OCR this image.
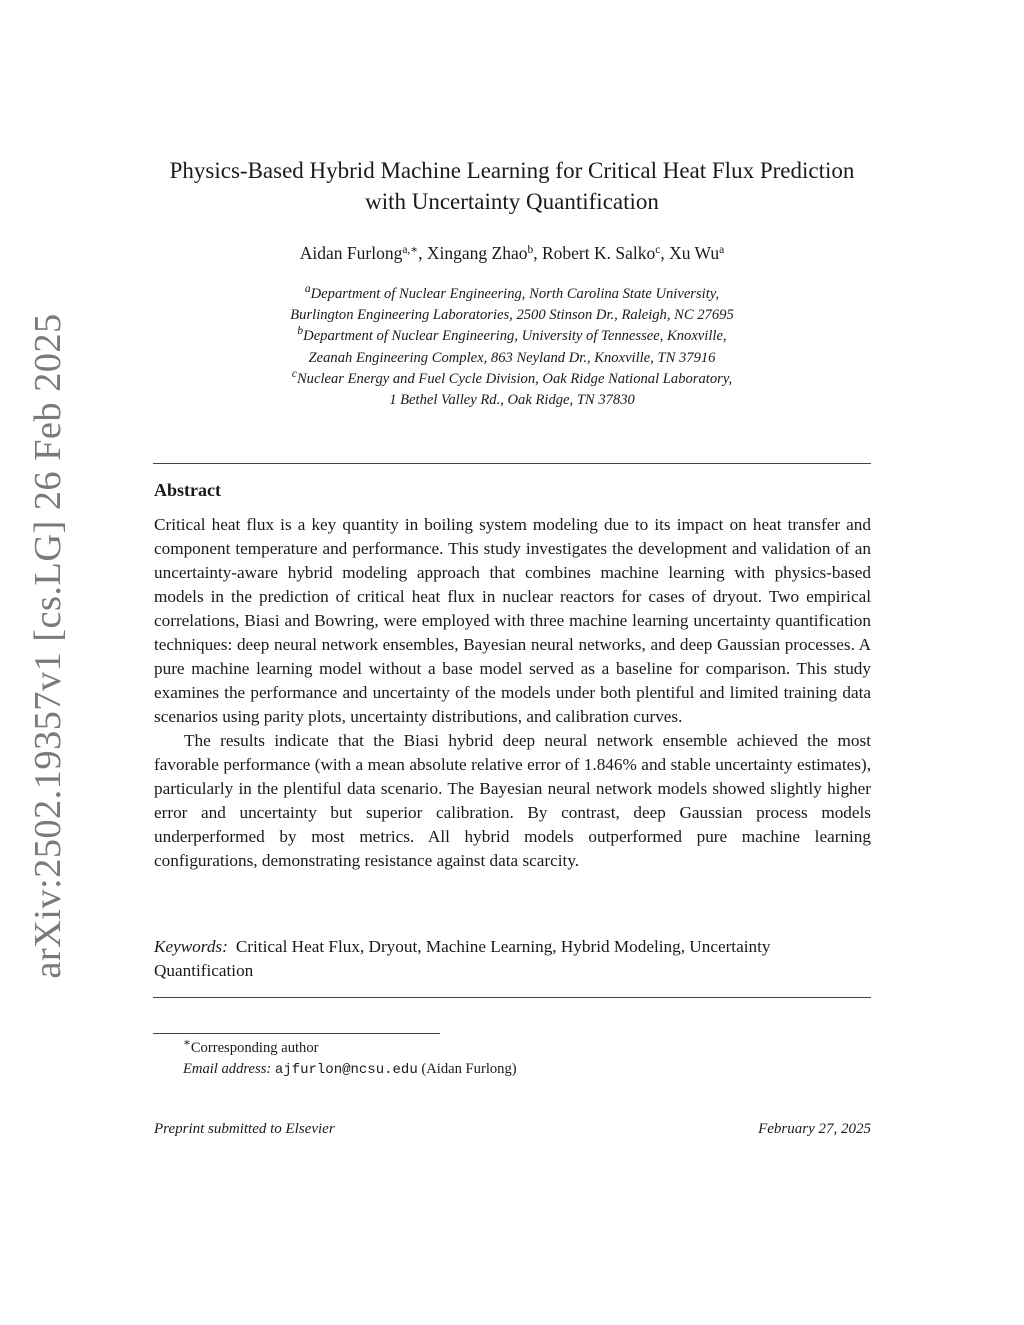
arXiv:2502.19357v1 [cs.LG] 26 Feb 2025
Physics-Based Hybrid Machine Learning for Critical Heat Flux Prediction
with Uncertainty Quantification
Aidan Furlong$^{a,∗}$, Xingang Zhao$^b$, Robert K. Salko$^c$, Xu Wu$^a$
$^a$Department of Nuclear Engineering, North Carolina State University,
Burlington Engineering Laboratories, 2500 Stinson Dr., Raleigh, NC 27695
$^b$Department of Nuclear Engineering, University of Tennessee, Knoxville,
Zeanah Engineering Complex, 863 Neyland Dr., Knoxville, TN 37916
$^c$Nuclear Energy and Fuel Cycle Division, Oak Ridge National Laboratory,
1 Bethel Valley Rd., Oak Ridge, TN 37830
Abstract

Critical heat flux is a key quantity in boiling system modeling due to its impact on heat transfer and component temperature and performance. This study investigates the development and validation of an uncertainty-aware hybrid modeling approach that combines machine learning with physics-based models in the prediction of critical heat flux in nuclear reactors for cases of dryout. Two empirical correlations, Biasi and Bowring, were employed with three machine learning uncertainty quantification techniques: deep neural network ensembles, Bayesian neural networks, and deep Gaussian processes. A pure machine learning model without a base model served as a baseline for comparison. This study examines the performance and uncertainty of the models under both plentiful and limited training data scenarios using parity plots, uncertainty distributions, and calibration curves.

The results indicate that the Biasi hybrid deep neural network ensemble achieved the most favorable performance (with a mean absolute relative error of 1.846% and stable uncertainty estimates), particularly in the plentiful data scenario. The Bayesian neural network models showed slightly higher error and uncertainty but superior calibration. By contrast, deep Gaussian process models underperformed by most metrics. All hybrid models outperformed pure machine learning configurations, demonstrating resistance against data scarcity.

Keywords: Critical Heat Flux, Dryout, Machine Learning, Hybrid Modeling, Uncertainty Quantification
∗Corresponding author
Email address: ajfurlon@ncsu.edu (Aidan Furlong)
Preprint submitted to Elsevier	February 27, 2025
